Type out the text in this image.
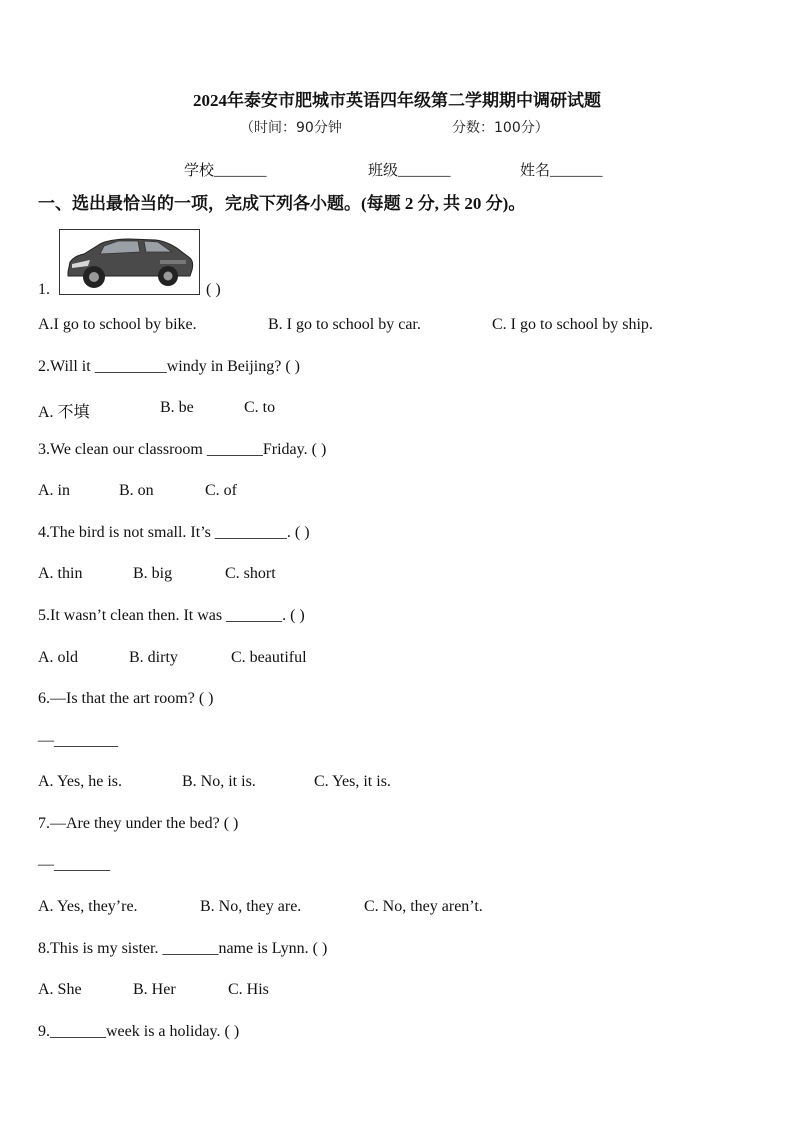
2024年泰安市肥城市英语四年级第二学期期中调研试题
（时间：90分钟	分数：100分）
学校_______	班级_______	姓名_______
一、选出最恰当的一项，完成下列各小题。(每题 2 分, 共 20 分)。
1.	( )
A.I go to school by bike.	B. I go to school by car.	C. I go to school by ship.
2.Will it _________windy in Beijing? ( )
A. 不填	B. be	C. to
3.We clean our classroom _______Friday. ( )
A. in	B. on	C. of
4.The bird is not small. It’s _________. ( )
A. thin	B. big	C. short
5.It wasn’t clean then. It was _______. ( )
A. old	B. dirty	C. beautiful
6.—Is that the art room? ( )
—________
A. Yes, he is.	B. No, it is.	C. Yes, it is.
7.—Are they under the bed? ( )
—_______
A. Yes, they’re.	B. No, they are.	C. No, they aren’t.
8.This is my sister. _______name is Lynn. ( )
A. She	B. Her	C. His
9._______week is a holiday. ( )
